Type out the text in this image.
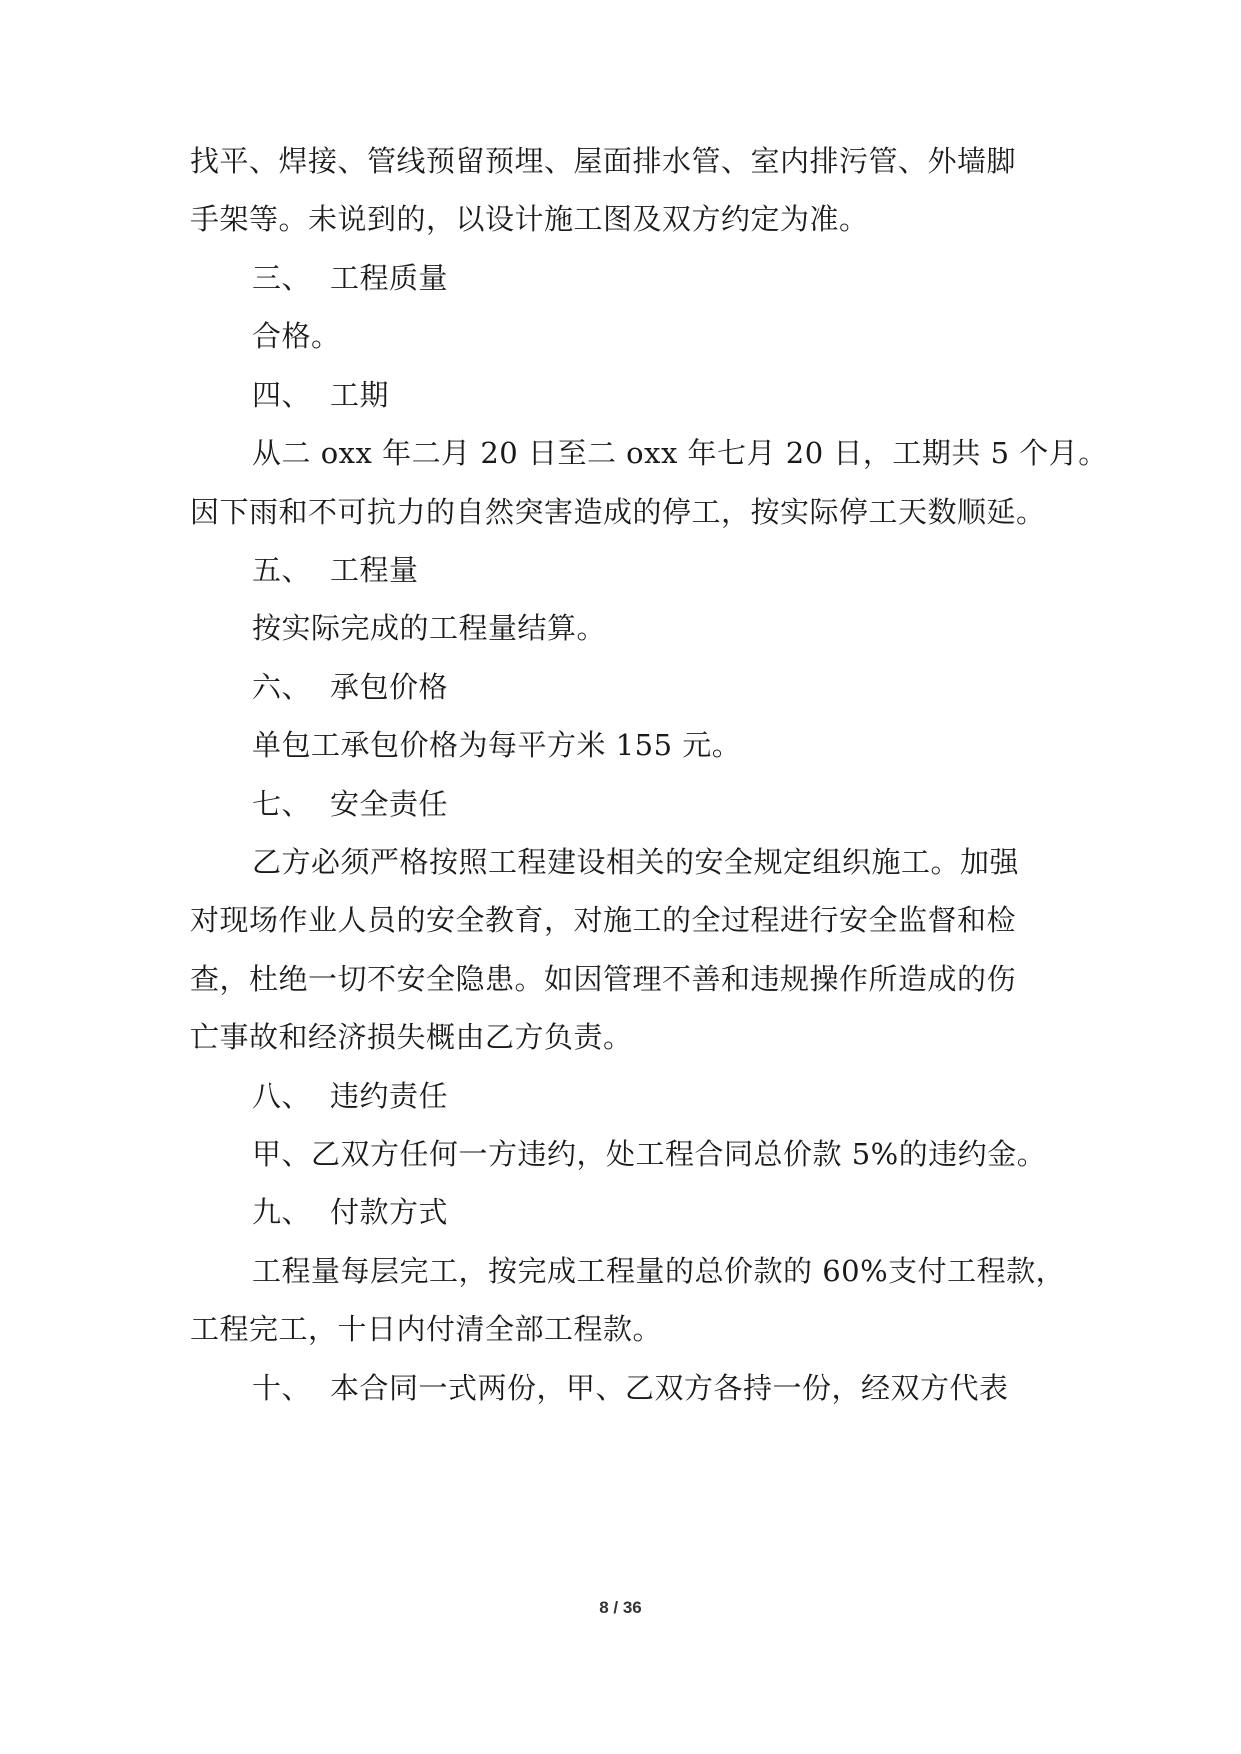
找平、焊接、管线预留预埋、屋面排水管、室内排污管、外墙脚
手架等。未说到的，以设计施工图及双方约定为准。
三、 工程质量
合格。
四、 工期
从二 oxx 年二月 20 日至二 oxx 年七月 20 日，工期共 5 个月。
因下雨和不可抗力的自然突害造成的停工，按实际停工天数顺延。
五、 工程量
按实际完成的工程量结算。
六、 承包价格
单包工承包价格为每平方米 155 元。
七、 安全责任
乙方必须严格按照工程建设相关的安全规定组织施工。加强
对现场作业人员的安全教育，对施工的全过程进行安全监督和检
查，杜绝一切不安全隐患。如因管理不善和违规操作所造成的伤
亡事故和经济损失概由乙方负责。
八、 违约责任
甲、乙双方任何一方违约，处工程合同总价款 5%的违约金。
九、 付款方式
工程量每层完工，按完成工程量的总价款的 60%支付工程款，
工程完工，十日内付清全部工程款。
十、 本合同一式两份，甲、乙双方各持一份，经双方代表
8 / 36
